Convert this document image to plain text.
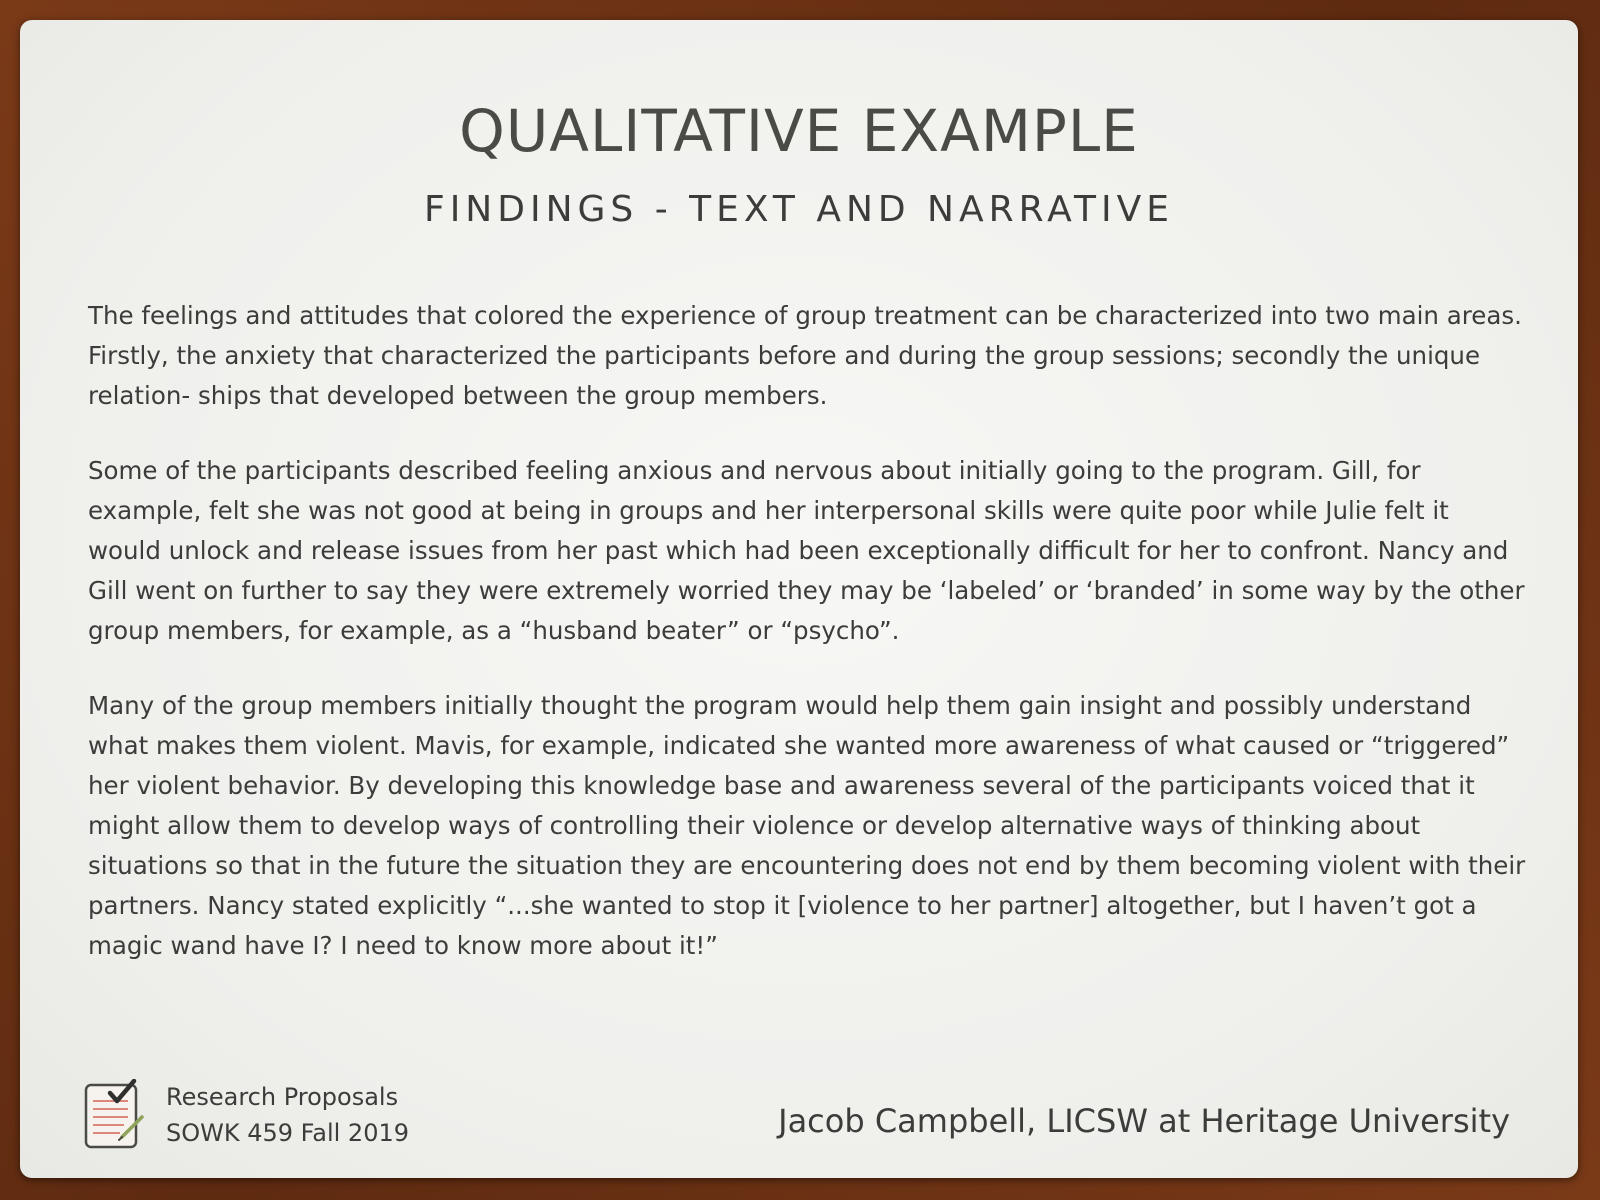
QUALITATIVE EXAMPLE
FINDINGS - TEXT AND NARRATIVE

The feelings and attitudes that colored the experience of group treatment can be characterized into two main areas. Firstly, the anxiety that characterized the participants before and during the group sessions; secondly the unique relation- ships that developed between the group members.

Some of the participants described feeling anxious and nervous about initially going to the program. Gill, for example, felt she was not good at being in groups and her interpersonal skills were quite poor while Julie felt it would unlock and release issues from her past which had been exceptionally difficult for her to confront. Nancy and Gill went on further to say they were extremely worried they may be ‘labeled’ or ‘branded’ in some way by the other group members, for example, as a “husband beater” or “psycho”.

Many of the group members initially thought the program would help them gain insight and possibly understand what makes them violent. Mavis, for example, indicated she wanted more awareness of what caused or “triggered” her violent behavior. By developing this knowledge base and awareness several of the participants voiced that it might allow them to develop ways of controlling their violence or develop alternative ways of thinking about situations so that in the future the situation they are encountering does not end by them becoming violent with their partners. Nancy stated explicitly “...she wanted to stop it [violence to her partner] altogether, but I haven’t got a magic wand have I? I need to know more about it!”

Research Proposals
SOWK 459 Fall 2019	Jacob Campbell, LICSW at Heritage University
